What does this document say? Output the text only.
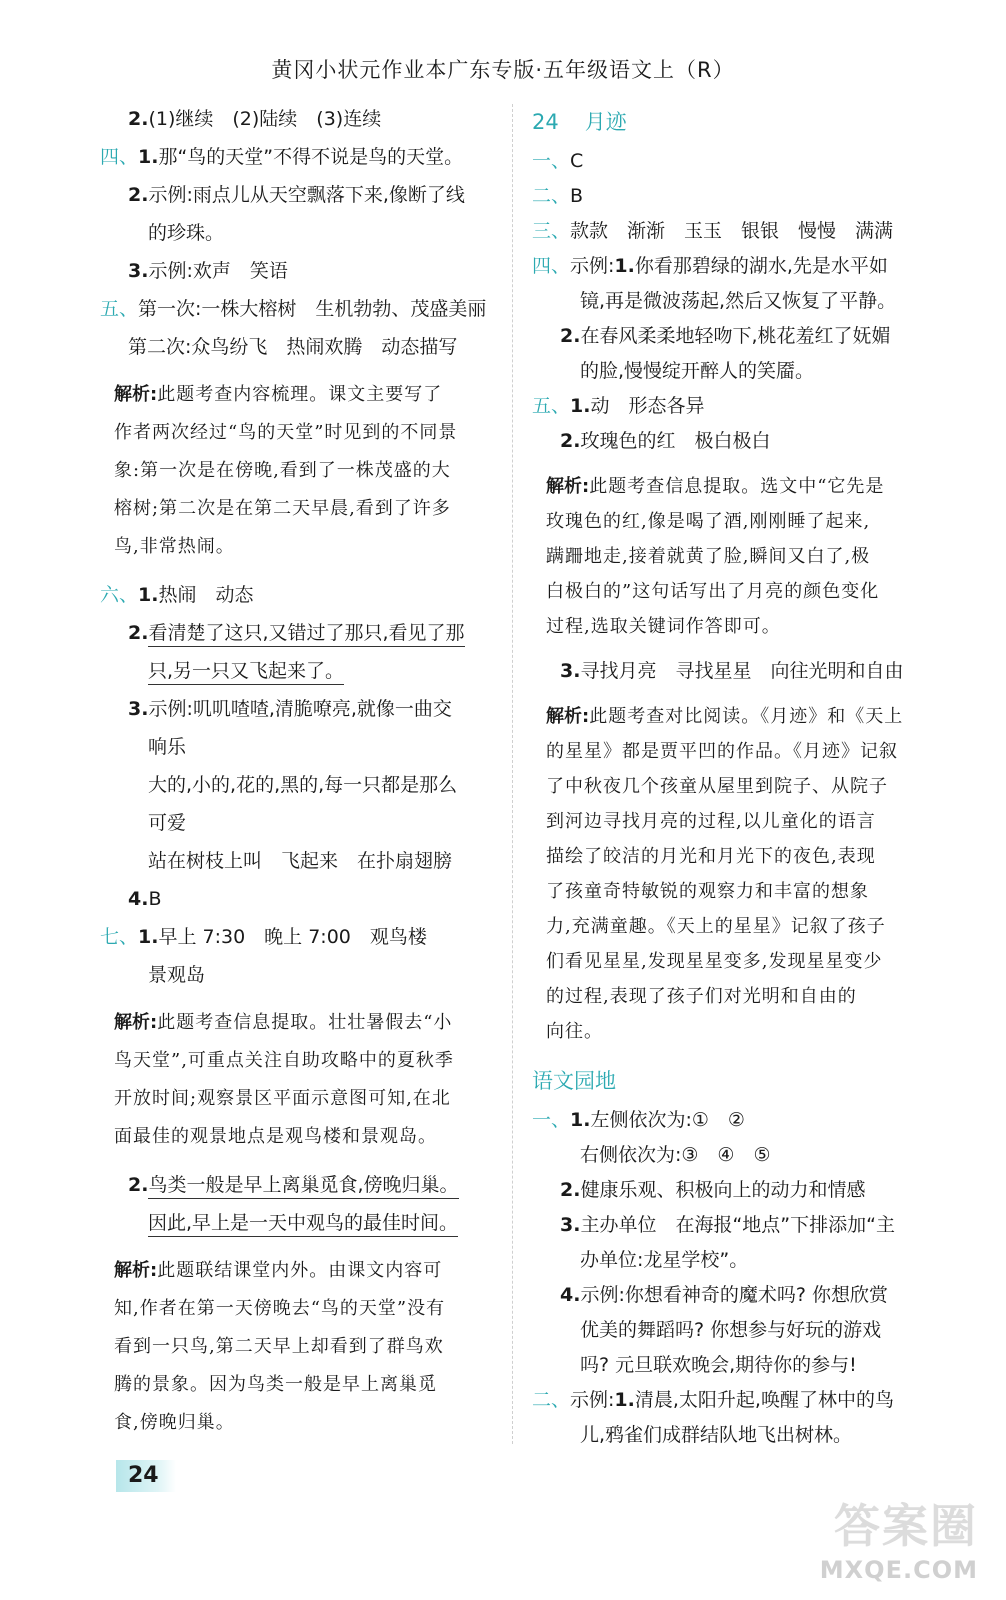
黄冈小状元作业本广东专版·五年级语文上（R）
2.(1)继续　(2)陆续　(3)连续
四、1.那“鸟的天堂”不得不说是鸟的天堂。
2.示例:雨点儿从天空飘落下来,像断了线
的珍珠。
3.示例:欢声　笑语
五、第一次:一株大榕树　生机勃勃、茂盛美丽
第二次:众鸟纷飞　热闹欢腾　动态描写
解析:此题考查内容梳理。课文主要写了
作者两次经过“鸟的天堂”时见到的不同景
象:第一次是在傍晚,看到了一株茂盛的大
榕树;第二次是在第二天早晨,看到了许多
鸟,非常热闹。
六、1.热闹　动态
2.看清楚了这只,又错过了那只,看见了那
只,另一只又飞起来了。
3.示例:叽叽喳喳,清脆嘹亮,就像一曲交
响乐
大的,小的,花的,黑的,每一只都是那么
可爱
站在树枝上叫　飞起来　在扑扇翅膀
4.B
七、1.早上 7:30　晚上 7:00　观鸟楼
景观岛
解析:此题考查信息提取。壮壮暑假去“小
鸟天堂”,可重点关注自助攻略中的夏秋季
开放时间;观察景区平面示意图可知,在北
面最佳的观景地点是观鸟楼和景观岛。
2.鸟类一般是早上离巢觅食,傍晚归巢。
因此,早上是一天中观鸟的最佳时间。
解析:此题联结课堂内外。由课文内容可
知,作者在第一天傍晚去“鸟的天堂”没有
看到一只鸟,第二天早上却看到了群鸟欢
腾的景象。因为鸟类一般是早上离巢觅
食,傍晚归巢。
24 月迹
一、C
二、B
三、款款　渐渐　玉玉　银银　慢慢　满满
四、示例:1.你看那碧绿的湖水,先是水平如
镜,再是微波荡起,然后又恢复了平静。
2.在春风柔柔地轻吻下,桃花羞红了妩媚
的脸,慢慢绽开醉人的笑靥。
五、1.动　形态各异
2.玫瑰色的红　极白极白
解析:此题考查信息提取。选文中“它先是
玫瑰色的红,像是喝了酒,刚刚睡了起来,
蹒跚地走,接着就黄了脸,瞬间又白了,极
白极白的”这句话写出了月亮的颜色变化
过程,选取关键词作答即可。
3.寻找月亮　寻找星星　向往光明和自由
解析:此题考查对比阅读。《月迹》和《天上
的星星》都是贾平凹的作品。《月迹》记叙
了中秋夜几个孩童从屋里到院子、从院子
到河边寻找月亮的过程,以儿童化的语言
描绘了皎洁的月光和月光下的夜色,表现
了孩童奇特敏锐的观察力和丰富的想象
力,充满童趣。《天上的星星》记叙了孩子
们看见星星,发现星星变多,发现星星变少
的过程,表现了孩子们对光明和自由的
向往。
语文园地
一、1.左侧依次为:①　②
右侧依次为:③　④　⑤
2.健康乐观、积极向上的动力和情感
3.主办单位　在海报“地点”下排添加“主
办单位:龙星学校”。
4.示例:你想看神奇的魔术吗? 你想欣赏
优美的舞蹈吗? 你想参与好玩的游戏
吗? 元旦联欢晚会,期待你的参与!
二、示例:1.清晨,太阳升起,唤醒了林中的鸟
儿,鸦雀们成群结队地飞出树林。
24
答案圈
MXQE.COM
